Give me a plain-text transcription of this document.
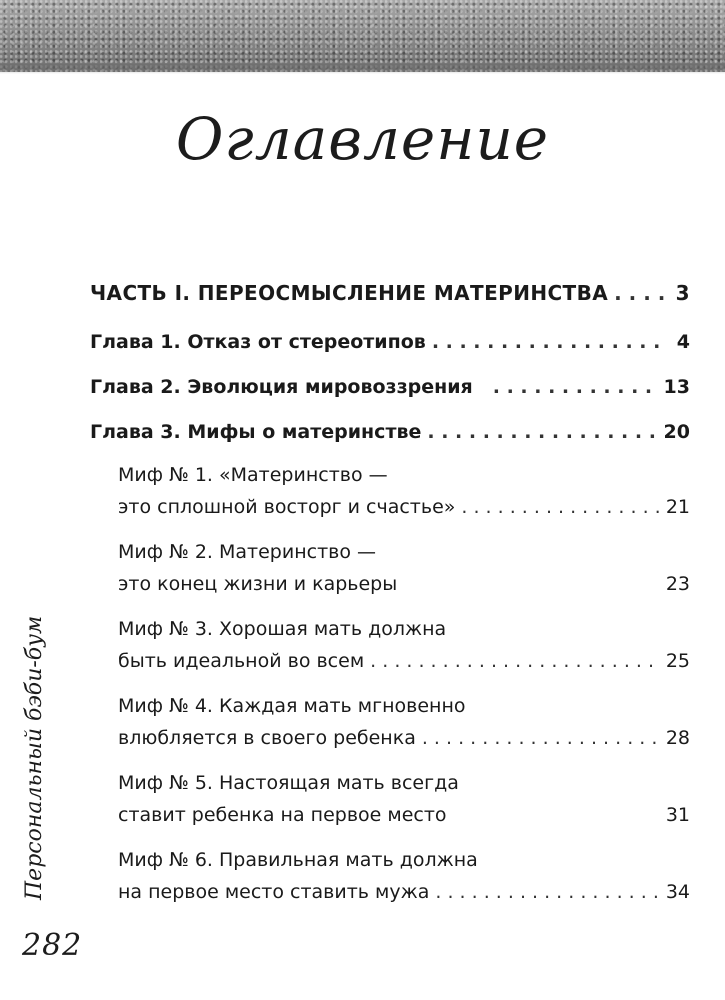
Оглавление
ЧАСТЬ I. ПЕРЕОСМЫСЛЕНИЕ МАТЕРИНСТВА . . .	3
Глава 1. Отказ от стереотипов . . .	4
Глава 2. Эволюция мировоззрения . . .	13
Глава 3. Мифы о материнстве . . .	20
Миф № 1. «Материнство —
это сплошной восторг и счастье» . . .	21
Миф № 2. Материнство —
это конец жизни и карьеры	23
Миф № 3. Хорошая мать должна
быть идеальной во всем . . .	25
Миф № 4. Каждая мать мгновенно
влюбляется в своего ребенка . . .	28
Миф № 5. Настоящая мать всегда
ставит ребенка на первое место	31
Миф № 6. Правильная мать должна
на первое место ставить мужа . . .	34
Персональный бэби-бум
282
